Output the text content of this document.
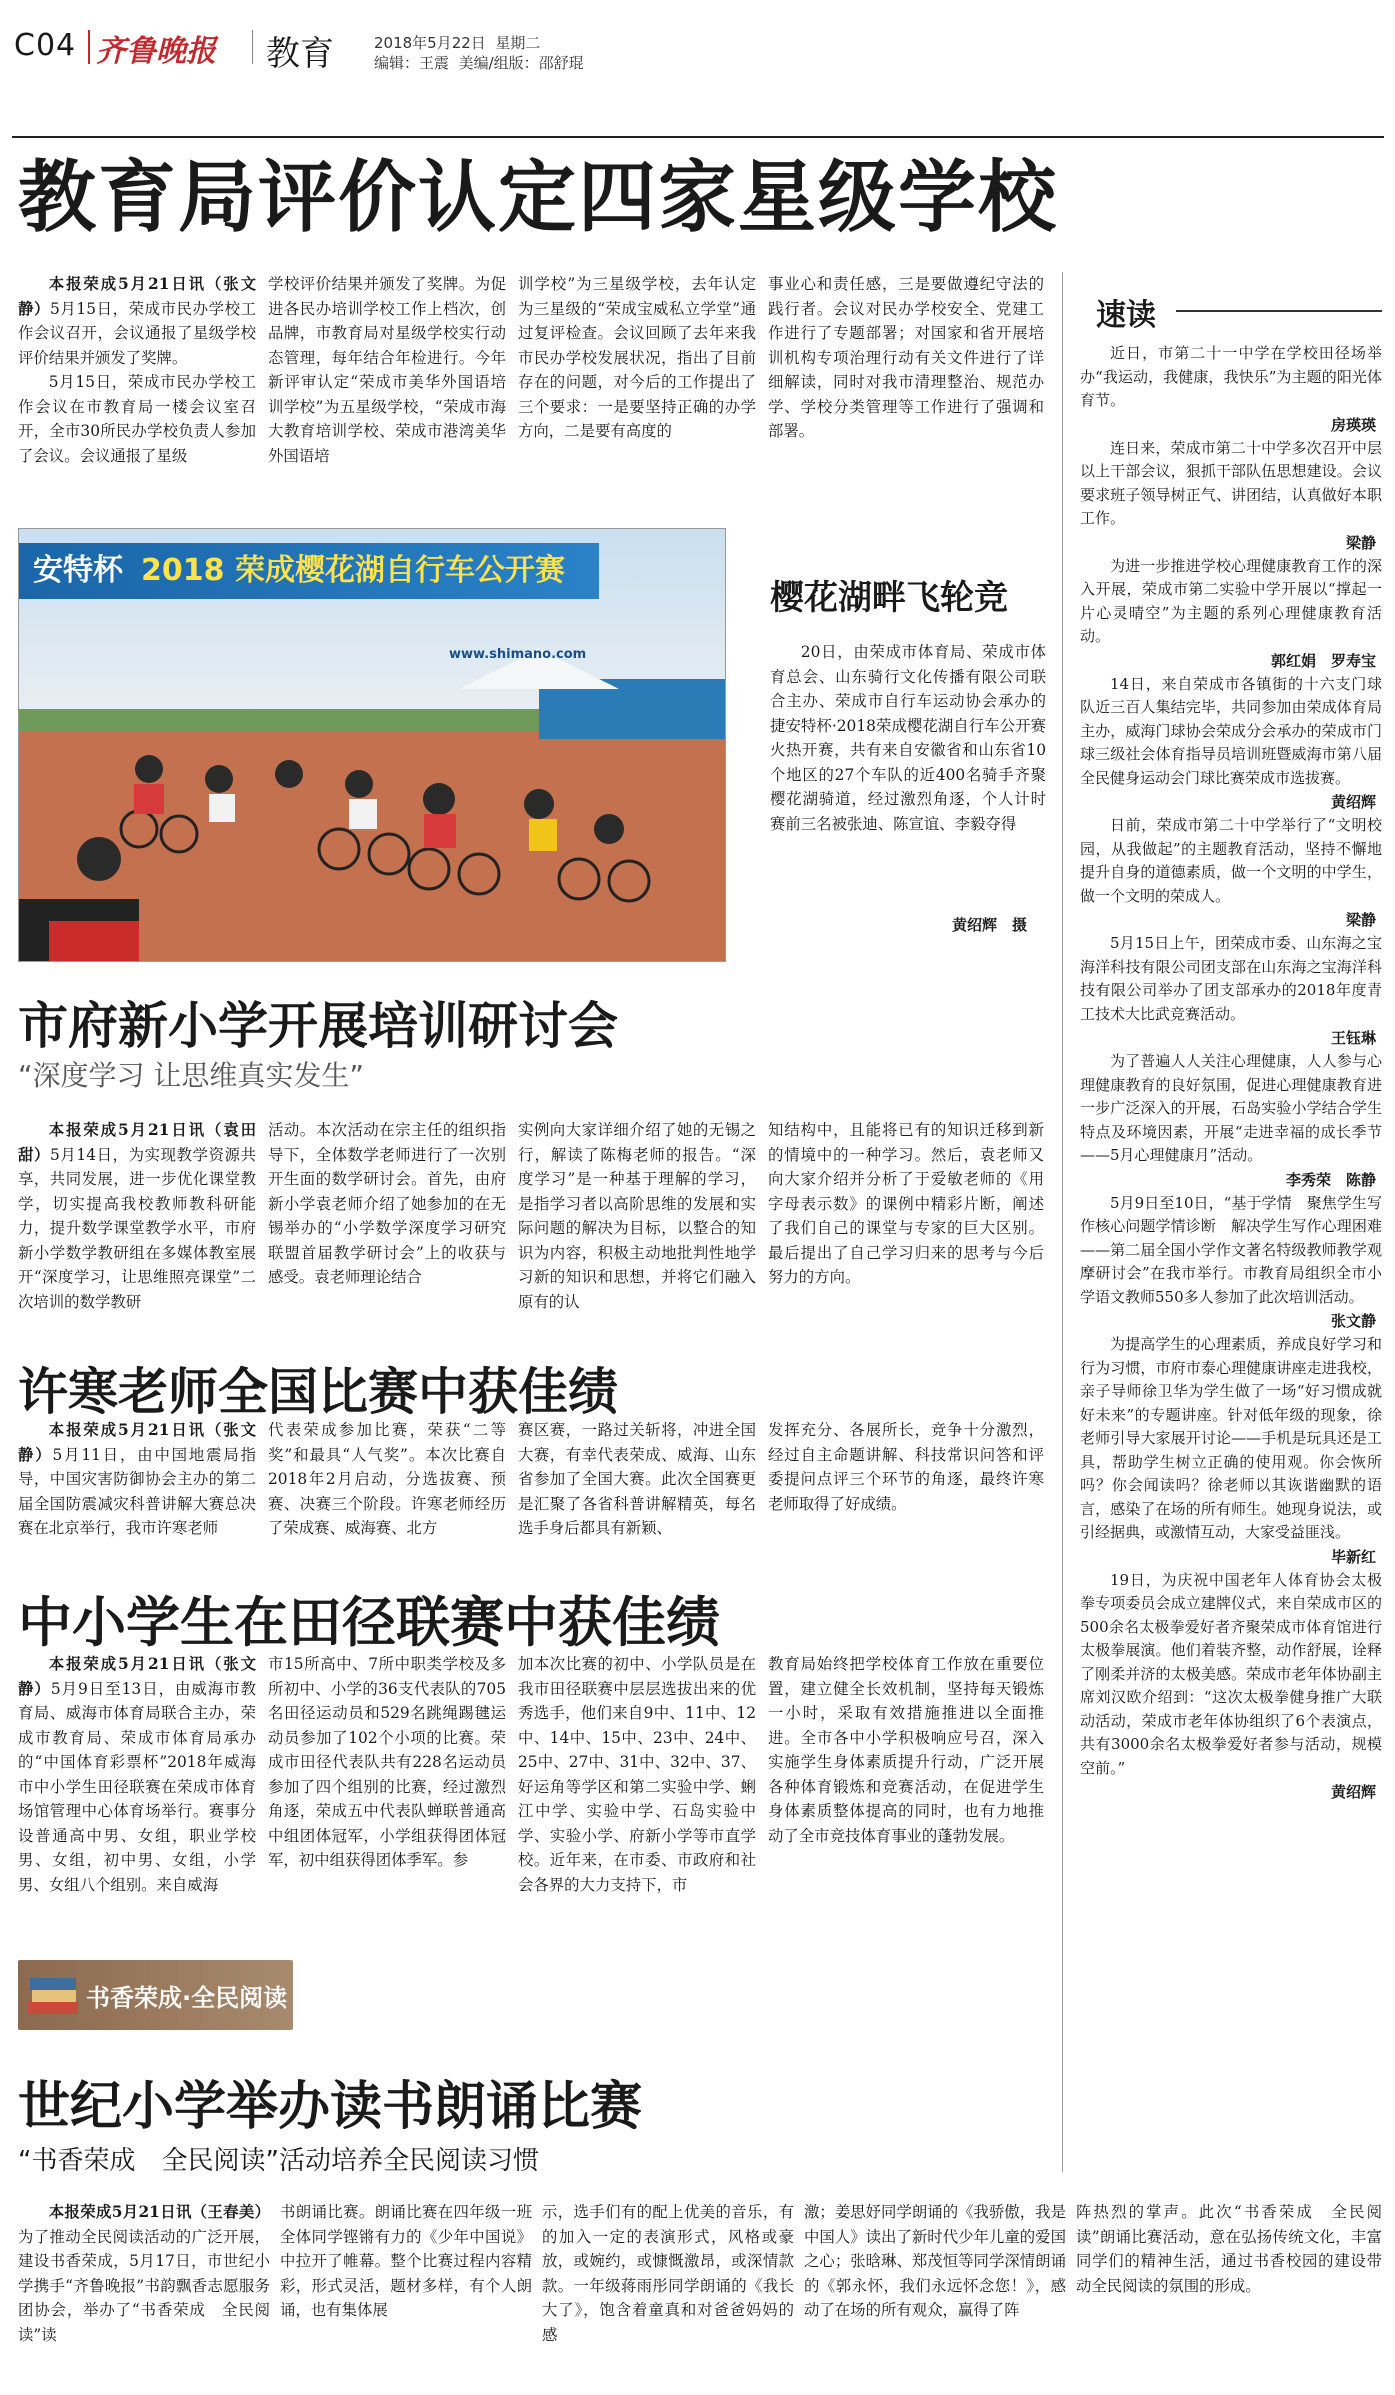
C04 齐鲁晚报 教育	2018年5月22日 星期二
编辑：王震 美编/组版：邵舒琨
教育局评价认定四家星级学校

本报荣成5月21日讯（张文静）5月15日，荣成市民办学校工作会议召开，会议通报了星级学校评价结果并颁发了奖牌。

5月15日，荣成市民办学校工作会议在市教育局一楼会议室召开，全市30所民办学校负责人参加了会议。会议通报了星级

学校评价结果并颁发了奖牌。为促进各民办培训学校工作上档次，创品牌，市教育局对星级学校实行动态管理，每年结合年检进行。今年新评审认定“荣成市美华外国语培训学校”为五星级学校，“荣成市海大教育培训学校、荣成市港湾美华外国语培

训学校”为三星级学校，去年认定为三星级的“荣成宝威私立学堂”通过复评检查。会议回顾了去年来我市民办学校发展状况，指出了目前存在的问题，对今后的工作提出了三个要求：一是要坚持正确的办学方向，二是要有高度的

事业心和责任感，三是要做遵纪守法的践行者。会议对民办学校安全、党建工作进行了专题部署；对国家和省开展培训机构专项治理行动有关文件进行了详细解读，同时对我市清理整治、规范办学、学校分类管理等工作进行了强调和部署。

安特杯 2018 荣成樱花湖自行车公开赛
www.shimano.com
樱花湖畔飞轮竞

20日，由荣成市体育局、荣成市体育总会、山东骑行文化传播有限公司联合主办、荣成市自行车运动协会承办的捷安特杯·2018荣成樱花湖自行车公开赛火热开赛，共有来自安徽省和山东省10个地区的27个车队的近400名骑手齐聚樱花湖骑道，经过激烈角逐，个人计时赛前三名被张迪、陈宣谊、李毅夺得

黄绍辉　摄
市府新小学开展培训研讨会
“深度学习 让思维真实发生”

本报荣成5月21日讯（袁田甜）5月14日，为实现教学资源共享，共同发展，进一步优化课堂教学，切实提高我校教师教科研能力，提升数学课堂教学水平，市府新小学数学教研组在多媒体教室展开“深度学习，让思维照亮课堂”二次培训的数学教研

活动。本次活动在宗主任的组织指导下，全体数学老师进行了一次别开生面的数学研讨会。首先，由府新小学袁老师介绍了她参加的在无锡举办的“小学数学深度学习研究联盟首届教学研讨会”上的收获与感受。袁老师理论结合

实例向大家详细介绍了她的无锡之行，解读了陈梅老师的报告。“深度学习”是一种基于理解的学习，是指学习者以高阶思维的发展和实际问题的解决为目标，以整合的知识为内容，积极主动地批判性地学习新的知识和思想，并将它们融入原有的认

知结构中，且能将已有的知识迁移到新的情境中的一种学习。然后，袁老师又向大家介绍并分析了于爱敏老师的《用字母表示数》的课例中精彩片断，阐述了我们自己的课堂与专家的巨大区别。最后提出了自己学习归来的思考与今后努力的方向。

许寒老师全国比赛中获佳绩

本报荣成5月21日讯（张文静）5月11日，由中国地震局指导，中国灾害防御协会主办的第二届全国防震减灾科普讲解大赛总决赛在北京举行，我市许寒老师

代表荣成参加比赛，荣获“二等奖”和最具“人气奖”。本次比赛自2018年2月启动，分选拔赛、预赛、决赛三个阶段。许寒老师经历了荣成赛、威海赛、北方

赛区赛，一路过关斩将，冲进全国大赛，有幸代表荣成、威海、山东省参加了全国大赛。此次全国赛更是汇聚了各省科普讲解精英，每名选手身后都具有新颖、

发挥充分、各展所长，竞争十分激烈，经过自主命题讲解、科技常识问答和评委提问点评三个环节的角逐，最终许寒老师取得了好成绩。

中小学生在田径联赛中获佳绩

本报荣成5月21日讯（张文静）5月9日至13日，由威海市教育局、威海市体育局联合主办，荣成市教育局、荣成市体育局承办的“中国体育彩票杯”2018年威海市中小学生田径联赛在荣成市体育场馆管理中心体育场举行。赛事分设普通高中男、女组，职业学校男、女组，初中男、女组，小学男、女组八个组别。来自威海

市15所高中、7所中职类学校及多所初中、小学的36支代表队的705名田径运动员和529名跳绳踢毽运动员参加了102个小项的比赛。荣成市田径代表队共有228名运动员参加了四个组别的比赛，经过激烈角逐，荣成五中代表队蝉联普通高中组团体冠军，小学组获得团体冠军，初中组获得团体季军。参

加本次比赛的初中、小学队员是在我市田径联赛中层层选拔出来的优秀选手，他们来自9中、11中、12中、14中、15中、23中、24中、25中、27中、31中、32中、37、好运角等学区和第二实验中学、蜊江中学、实验中学、石岛实验中学、实验小学、府新小学等市直学校。近年来，在市委、市政府和社会各界的大力支持下，市

教育局始终把学校体育工作放在重要位置，建立健全长效机制，坚持每天锻炼一小时，采取有效措施推进以全面推进。全市各中小学积极响应号召，深入实施学生身体素质提升行动，广泛开展各种体育锻炼和竞赛活动，在促进学生身体素质整体提高的同时，也有力地推动了全市竞技体育事业的蓬勃发展。

书香荣成·全民阅读
世纪小学举办读书朗诵比赛
“书香荣成　全民阅读”活动培养全民阅读习惯

本报荣成5月21日讯（王春美）为了推动全民阅读活动的广泛开展，建设书香荣成，5月17日，市世纪小学携手“齐鲁晚报”书韵飘香志愿服务团协会，举办了“书香荣成　全民阅读”读

书朗诵比赛。朗诵比赛在四年级一班全体同学铿锵有力的《少年中国说》中拉开了帷幕。整个比赛过程内容精彩，形式灵活，题材多样，有个人朗诵，也有集体展

示，选手们有的配上优美的音乐，有的加入一定的表演形式，风格或豪放，或婉约，或慷慨激昂，或深情款款。一年级蒋雨彤同学朗诵的《我长大了》，饱含着童真和对爸爸妈妈的感

激；姜思妤同学朗诵的《我骄傲，我是中国人》读出了新时代少年儿童的爱国之心；张晗琳、郑茂恒等同学深情朗诵的《郭永怀，我们永远怀念您！》，感动了在场的所有观众，赢得了阵

阵热烈的掌声。此次“书香荣成　全民阅读”朗诵比赛活动，意在弘扬传统文化，丰富同学们的精神生活，通过书香校园的建设带动全民阅读的氛围的形成。

速读

近日，市第二十一中学在学校田径场举办“我运动，我健康，我快乐”为主题的阳光体育节。

房瑛瑛

连日来，荣成市第二十中学多次召开中层以上干部会议，狠抓干部队伍思想建设。会议要求班子领导树正气、讲团结，认真做好本职工作。

梁静

为进一步推进学校心理健康教育工作的深入开展，荣成市第二实验中学开展以“撑起一片心灵晴空”为主题的系列心理健康教育活动。

郭红娟　罗寿宝

14日，来自荣成市各镇街的十六支门球队近三百人集结完毕，共同参加由荣成体育局主办，威海门球协会荣成分会承办的荣成市门球三级社会体育指导员培训班暨威海市第八届全民健身运动会门球比赛荣成市选拔赛。

黄绍辉

日前，荣成市第二十中学举行了“文明校园，从我做起”的主题教育活动，坚持不懈地提升自身的道德素质，做一个文明的中学生，做一个文明的荣成人。

梁静

5月15日上午，团荣成市委、山东海之宝海洋科技有限公司团支部在山东海之宝海洋科技有限公司举办了团支部承办的2018年度青工技术大比武竞赛活动。

王钰琳

为了普遍人人关注心理健康，人人参与心理健康教育的良好氛围，促进心理健康教育进一步广泛深入的开展，石岛实验小学结合学生特点及环境因素，开展“走进幸福的成长季节——5月心理健康月”活动。

李秀荣　陈静

5月9日至10日，“基于学情　聚焦学生写作核心问题学情诊断　解决学生写作心理困难——第二届全国小学作文著名特级教师教学观摩研讨会”在我市举行。市教育局组织全市小学语文教师550多人参加了此次培训活动。

张文静

为提高学生的心理素质，养成良好学习和行为习惯，市府市泰心理健康讲座走进我校，亲子导师徐卫华为学生做了一场“好习惯成就好未来”的专题讲座。针对低年级的现象，徐老师引导大家展开讨论——手机是玩具还是工具，帮助学生树立正确的使用观。你会恢所吗？你会闻读吗？徐老师以其诙谐幽默的语言，感染了在场的所有师生。她现身说法，或引经据典，或激情互动，大家受益匪浅。

毕新红

19日，为庆祝中国老年人体育协会太极拳专项委员会成立建牌仪式，来自荣成市区的500余名太极拳爱好者齐聚荣成市体育馆进行太极拳展演。他们着装齐整，动作舒展，诠释了刚柔并济的太极美感。荣成市老年体协副主席刘汉欧介绍到：“这次太极拳健身推广大联动活动，荣成市老年体协组织了6个表演点，共有3000余名太极拳爱好者参与活动，规模空前。”

黄绍辉
